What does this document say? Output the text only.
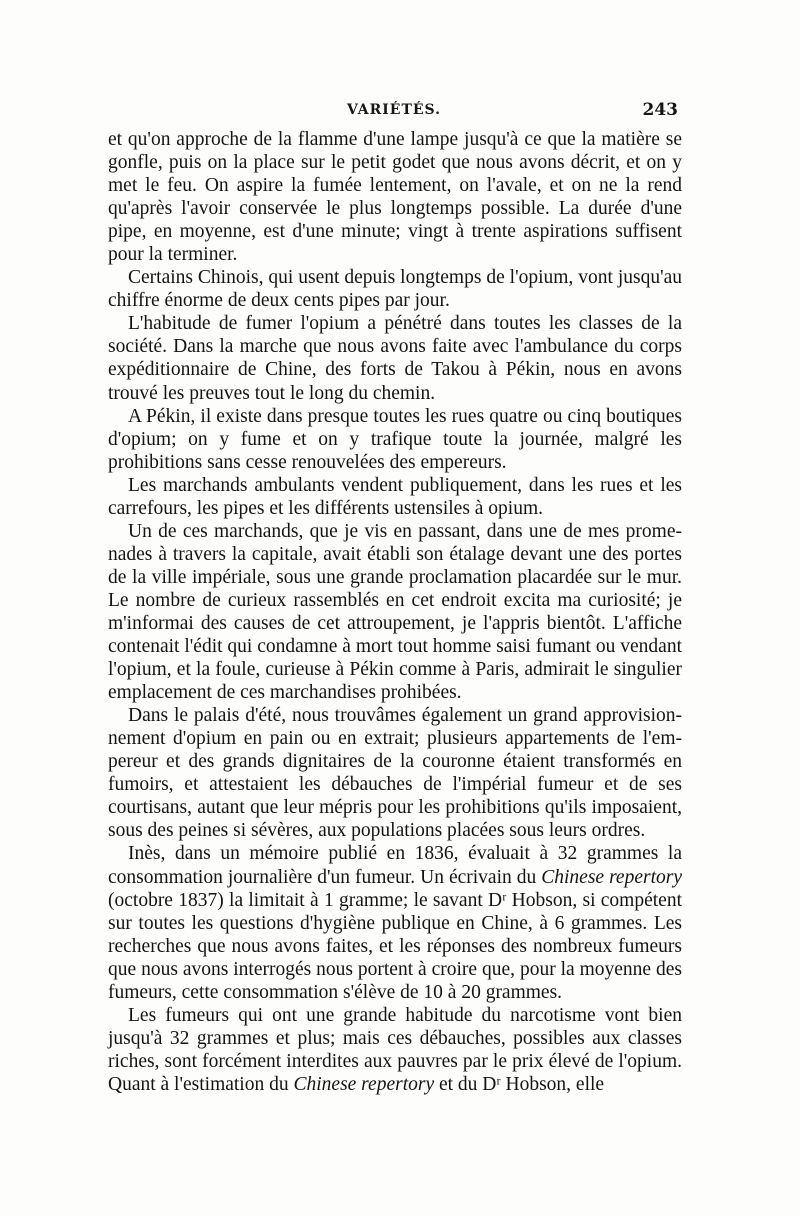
VARIÉTÉS.	243

et qu'on approche de la flamme d'une lampe jusqu'à ce que la matière se gonfle, puis on la place sur le petit godet que nous avons décrit, et on y met le feu. On aspire la fumée lentement, on l'avale, et on ne la rend qu'après l'avoir conservée le plus longtemps possible. La durée d'une pipe, en moyenne, est d'une minute; vingt à trente aspirations suffisent pour la terminer.

Certains Chinois, qui usent depuis longtemps de l'opium, vont jusqu'au chiffre énorme de deux cents pipes par jour.

L'habitude de fumer l'opium a pénétré dans toutes les classes de la société. Dans la marche que nous avons faite avec l'ambulance du corps expéditionnaire de Chine, des forts de Takou à Pékin, nous en avons trouvé les preuves tout le long du chemin.

A Pékin, il existe dans presque toutes les rues quatre ou cinq boutiques d'opium; on y fume et on y trafique toute la journée, malgré les prohibitions sans cesse renouvelées des empereurs.

Les marchands ambulants vendent publiquement, dans les rues et les carrefours, les pipes et les différents ustensiles à opium.

Un de ces marchands, que je vis en passant, dans une de mes promenades à travers la capitale, avait établi son étalage devant une des portes de la ville impériale, sous une grande proclamation placardée sur le mur. Le nombre de curieux rassemblés en cet endroit excita ma curiosité; je m'informai des causes de cet attroupement, je l'appris bientôt. L'affiche contenait l'édit qui condamne à mort tout homme saisi fumant ou vendant l'opium, et la foule, curieuse à Pékin comme à Paris, admirait le singulier emplacement de ces marchandises prohibées.

Dans le palais d'été, nous trouvâmes également un grand approvisionnement d'opium en pain ou en extrait; plusieurs appartements de l'empereur et des grands dignitaires de la couronne étaient transformés en fumoirs, et attestaient les débauches de l'impérial fumeur et de ses courtisans, autant que leur mépris pour les prohibitions qu'ils imposaient, sous des peines si sévères, aux populations placées sous leurs ordres.

Inès, dans un mémoire publié en 1836, évaluait à 32 grammes la consommation journalière d'un fumeur. Un écrivain du Chinese repertory (octobre 1837) la limitait à 1 gramme; le savant Dʳ Hobson, si compétent sur toutes les questions d'hygiène publique en Chine, à 6 grammes. Les recherches que nous avons faites, et les réponses des nombreux fumeurs que nous avons interrogés nous portent à croire que, pour la moyenne des fumeurs, cette consommation s'élève de 10 à 20 grammes.

Les fumeurs qui ont une grande habitude du narcotisme vont bien jusqu'à 32 grammes et plus; mais ces débauches, possibles aux classes riches, sont forcément interdites aux pauvres par le prix élevé de l'opium. Quant à l'estimation du Chinese repertory et du Dʳ Hobson, elle
